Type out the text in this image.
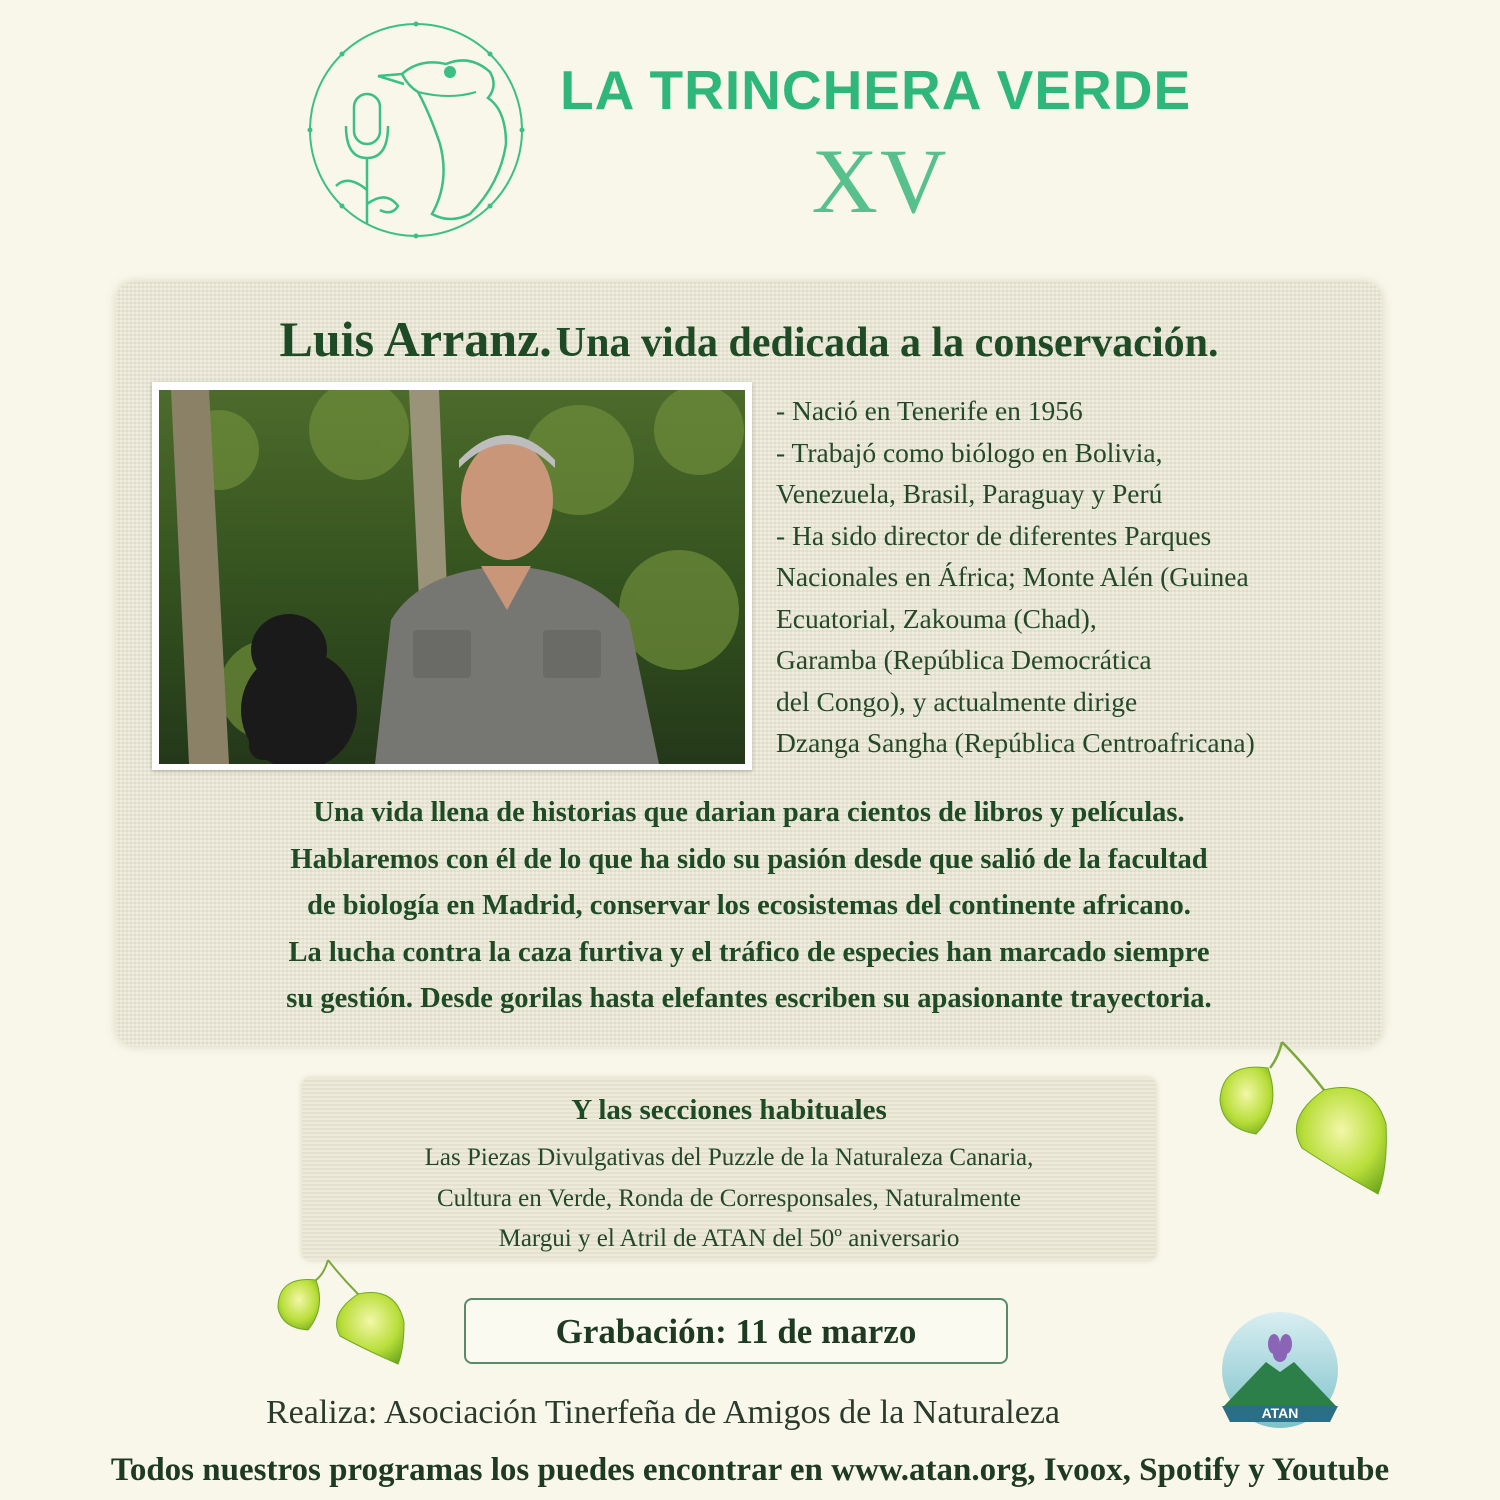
LA TRINCHERA VERDE
XV
Luis Arranz. Una vida dedicada a la conservación.
- Nació en Tenerife en 1956
- Trabajó como biólogo en Bolivia,
Venezuela, Brasil, Paraguay y Perú
- Ha sido director de diferentes Parques
Nacionales en África; Monte Alén (Guinea
Ecuatorial, Zakouma (Chad),
Garamba (República Democrática
del Congo), y actualmente dirige
Dzanga Sangha (República Centroafricana)
Una vida llena de historias que darian para cientos de libros y películas.
Hablaremos con él de lo que ha sido su pasión desde que salió de la facultad
de biología en Madrid, conservar los ecosistemas del continente africano.
La lucha contra la caza furtiva y el tráfico de especies han marcado siempre
su gestión. Desde gorilas hasta elefantes escriben su apasionante trayectoria.
Y las secciones habituales
Las Piezas Divulgativas del Puzzle de la Naturaleza Canaria,
Cultura en Verde, Ronda de Corresponsales, Naturalmente
Margui y el Atril de ATAN del 50º aniversario
Grabación: 11 de marzo
Realiza: Asociación Tinerfeña de Amigos de la Naturaleza	ATAN
Todos nuestros programas los puedes encontrar en www.atan.org, Ivoox, Spotify y Youtube
